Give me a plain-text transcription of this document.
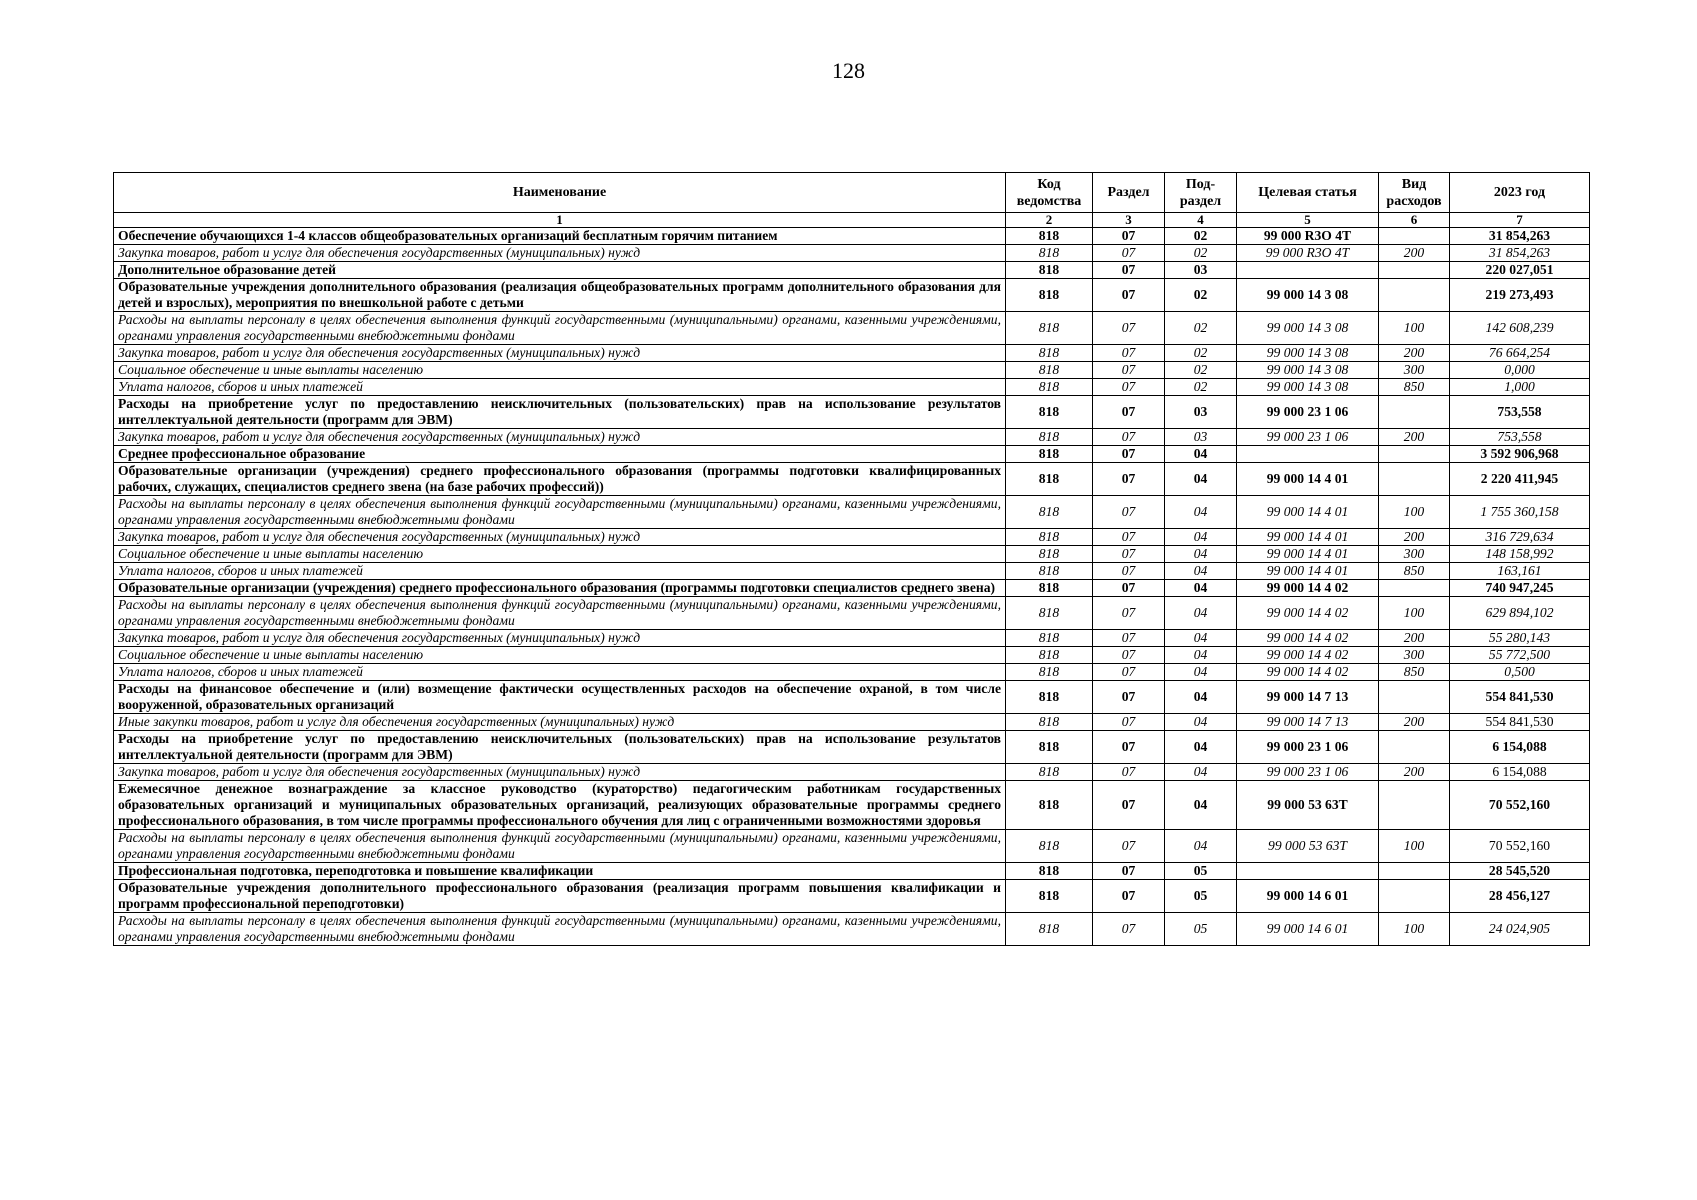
128
Наименование	Код ведомства	Раздел	Под-раздел	Целевая статья	Вид расходов	2023 год
1	2	3	4	5	6	7
Обеспечение обучающихся 1-4 классов общеобразовательных организаций бесплатным горячим питанием	818	07	02	99 000 R3O 4T		31 854,263
Закупка товаров, работ и услуг для обеспечения государственных (муниципальных) нужд	818	07	02	99 000 R3O 4T	200	31 854,263
Дополнительное образование детей	818	07	03			220 027,051
Образовательные учреждения дополнительного образования (реализация общеобразовательных программ дополнительного образования для детей и взрослых), мероприятия по внешкольной работе с детьми	818	07	02	99 000 14 3 08		219 273,493
Расходы на выплаты персоналу в целях обеспечения выполнения функций государственными (муниципальными) органами, казенными учреждениями, органами управления государственными внебюджетными фондами	818	07	02	99 000 14 3 08	100	142 608,239
Закупка товаров, работ и услуг для обеспечения государственных (муниципальных) нужд	818	07	02	99 000 14 3 08	200	76 664,254
Социальное обеспечение и иные выплаты населению	818	07	02	99 000 14 3 08	300	0,000
Уплата налогов, сборов и иных платежей	818	07	02	99 000 14 3 08	850	1,000
Расходы на приобретение услуг по предоставлению неисключительных (пользовательских) прав на использование результатов интеллектуальной деятельности (программ для ЭВМ)	818	07	03	99 000 23 1 06		753,558
Закупка товаров, работ и услуг для обеспечения государственных (муниципальных) нужд	818	07	03	99 000 23 1 06	200	753,558
Среднее профессиональное образование	818	07	04			3 592 906,968
Образовательные организации (учреждения) среднего профессионального образования (программы подготовки квалифицированных рабочих, служащих, специалистов среднего звена (на базе рабочих профессий))	818	07	04	99 000 14 4 01		2 220 411,945
Расходы на выплаты персоналу в целях обеспечения выполнения функций государственными (муниципальными) органами, казенными учреждениями, органами управления государственными внебюджетными фондами	818	07	04	99 000 14 4 01	100	1 755 360,158
Закупка товаров, работ и услуг для обеспечения государственных (муниципальных) нужд	818	07	04	99 000 14 4 01	200	316 729,634
Социальное обеспечение и иные выплаты населению	818	07	04	99 000 14 4 01	300	148 158,992
Уплата налогов, сборов и иных платежей	818	07	04	99 000 14 4 01	850	163,161
Образовательные организации (учреждения) среднего профессионального образования (программы подготовки специалистов среднего звена)	818	07	04	99 000 14 4 02		740 947,245
Расходы на выплаты персоналу в целях обеспечения выполнения функций государственными (муниципальными) органами, казенными учреждениями, органами управления государственными внебюджетными фондами	818	07	04	99 000 14 4 02	100	629 894,102
Закупка товаров, работ и услуг для обеспечения государственных (муниципальных) нужд	818	07	04	99 000 14 4 02	200	55 280,143
Социальное обеспечение и иные выплаты населению	818	07	04	99 000 14 4 02	300	55 772,500
Уплата налогов, сборов и иных платежей	818	07	04	99 000 14 4 02	850	0,500
Расходы на финансовое обеспечение и (или) возмещение фактически осуществленных расходов на обеспечение охраной, в том числе вооруженной, образовательных организаций	818	07	04	99 000 14 7 13		554 841,530
Иные закупки товаров, работ и услуг для обеспечения государственных (муниципальных) нужд	818	07	04	99 000 14 7 13	200	554 841,530
Расходы на приобретение услуг по предоставлению неисключительных (пользовательских) прав на использование результатов интеллектуальной деятельности (программ для ЭВМ)	818	07	04	99 000 23 1 06		6 154,088
Закупка товаров, работ и услуг для обеспечения государственных (муниципальных) нужд	818	07	04	99 000 23 1 06	200	6 154,088
Ежемесячное денежное вознаграждение за классное руководство (кураторство) педагогическим работникам государственных образовательных организаций и муниципальных образовательных организаций, реализующих образовательные программы среднего профессионального образования, в том числе программы профессионального обучения для лиц с ограниченными возможностями здоровья	818	07	04	99 000 53 63Т		70 552,160
Расходы на выплаты персоналу в целях обеспечения выполнения функций государственными (муниципальными) органами, казенными учреждениями, органами управления государственными внебюджетными фондами	818	07	04	99 000 53 63Т	100	70 552,160
Профессиональная подготовка, переподготовка и повышение квалификации	818	07	05			28 545,520
Образовательные учреждения дополнительного профессионального образования (реализация программ повышения квалификации и программ профессиональной переподготовки)	818	07	05	99 000 14 6 01		28 456,127
Расходы на выплаты персоналу в целях обеспечения выполнения функций государственными (муниципальными) органами, казенными учреждениями, органами управления государственными внебюджетными фондами	818	07	05	99 000 14 6 01	100	24 024,905
